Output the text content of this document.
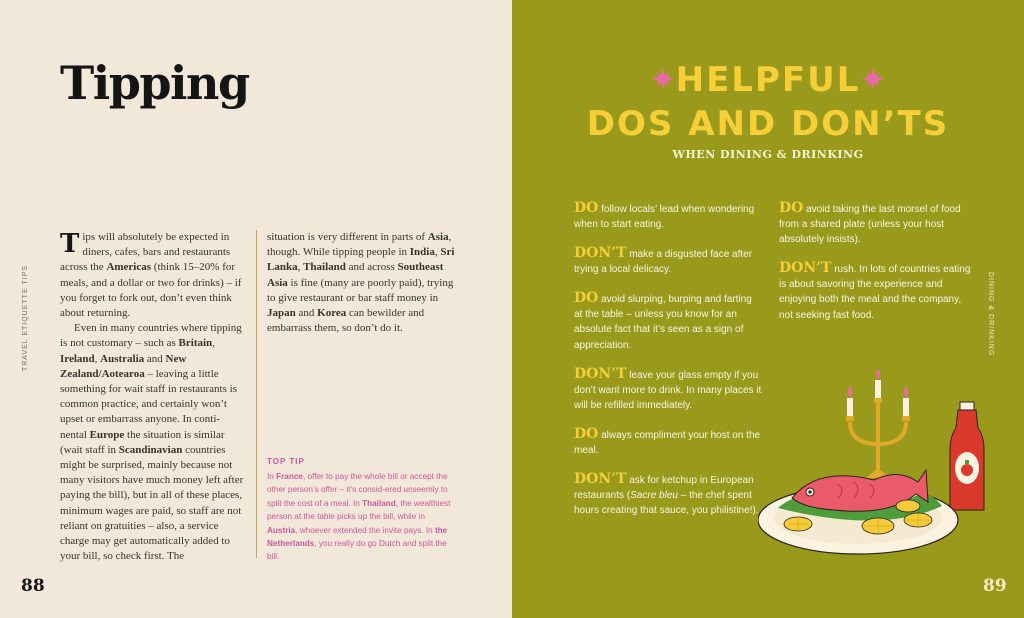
TRAVEL ETIQUETTE TIPS
Tipping

Tips will absolutely be expected in diners, cafes, bars and restaurants across the Americas (think 15–20% for meals, and a dollar or two for drinks) – if you forget to fork out, don’t even think about returning.

Even in many countries where tipping is not customary – such as Britain, Ireland, Australia and New Zealand/Aotearoa – leaving a little something for wait staff in restaurants is common practice, and certainly won’t upset or embarrass anyone. In conti-nental Europe the situation is similar (wait staff in Scandinavian countries might be surprised, mainly because not many visitors have much money left after paying the bill), but in all of these places, minimum wages are paid, so staff are not reliant on gratuities – also, a service charge may get automatically added to your bill, so check first. The

situation is very different in parts of Asia, though. While tipping people in India, Sri Lanka, Thailand and across Southeast Asia is fine (many are poorly paid), trying to give restaurant or bar staff money in Japan and Korea can bewilder and embarrass them, so don’t do it.

TOP TIP

In France, offer to pay the whole bill or accept the other person’s offer – it’s consid-ered unseemly to split the cost of a meal. In Thailand, the wealthiest person at the table picks up the bill, while in Austria, whoever extended the invite pays. In the Netherlands, you really do go Dutch and split the bill.

88
HELPFUL
DOS AND DON’TS

WHEN DINING & DRINKING

DINING & DRINKING

DO follow locals’ lead when wondering when to start eating.

DON’T make a disgusted face after trying a local delicacy.

DO avoid slurping, burping and farting at the table – unless you know for an absolute fact that it’s seen as a sign of appreciation.

DON’T leave your glass empty if you don’t want more to drink. In many places it will be refilled immediately.

DO always compliment your host on the meal.

DON’T ask for ketchup in European restaurants (Sacre bleu – the chef spent hours creating that sauce, you philistine!).

DO avoid taking the last morsel of food from a shared plate (unless your host absolutely insists).

DON’T rush. In lots of countries eating is about savoring the experience and enjoying both the meal and the company, not seeking fast food.

89
